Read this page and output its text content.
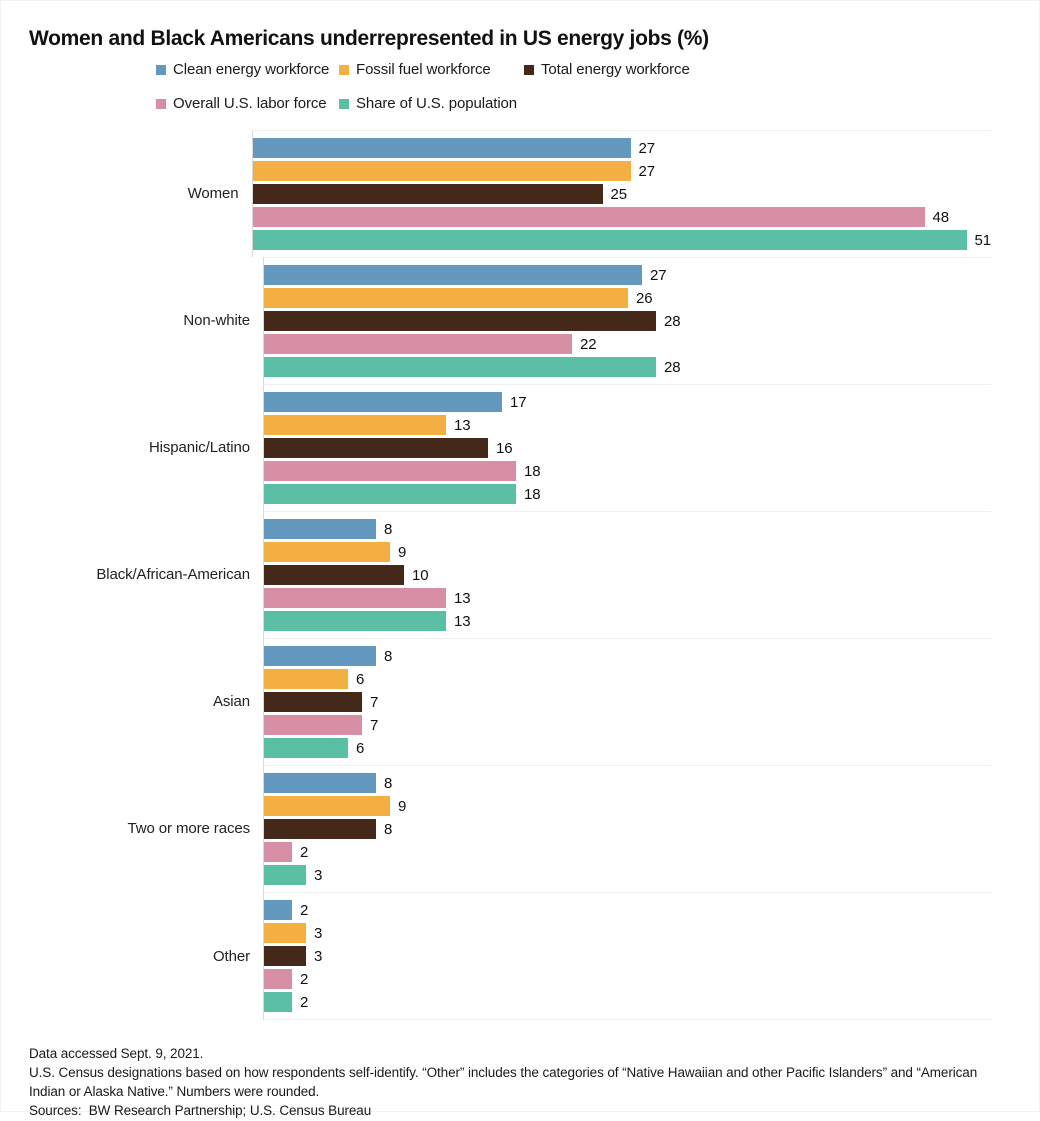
Women and Black Americans underrepresented in US energy jobs (%)
Clean energy workforce Fossil fuel workforce	Total energy workforce
Overall U.S. labor force Share of U.S. population
Women
27
27
25
48
51
Non-white
27
26
28
22
28
Hispanic/Latino
17
13
16
18
18
Black/African-American
8
9
10
13
13
Asian
8
6
7
7
6
Two or more races
8
9
8
2
3
Other
2
3
3
2
2

Data accessed Sept. 9, 2021.

U.S. Census designations based on how respondents self-identify. “Other” includes the categories of “Native Hawaiian and other Pacific Islanders” and “American Indian or Alaska Native.” Numbers were rounded.

Sources:  BW Research Partnership; U.S. Census Bureau
